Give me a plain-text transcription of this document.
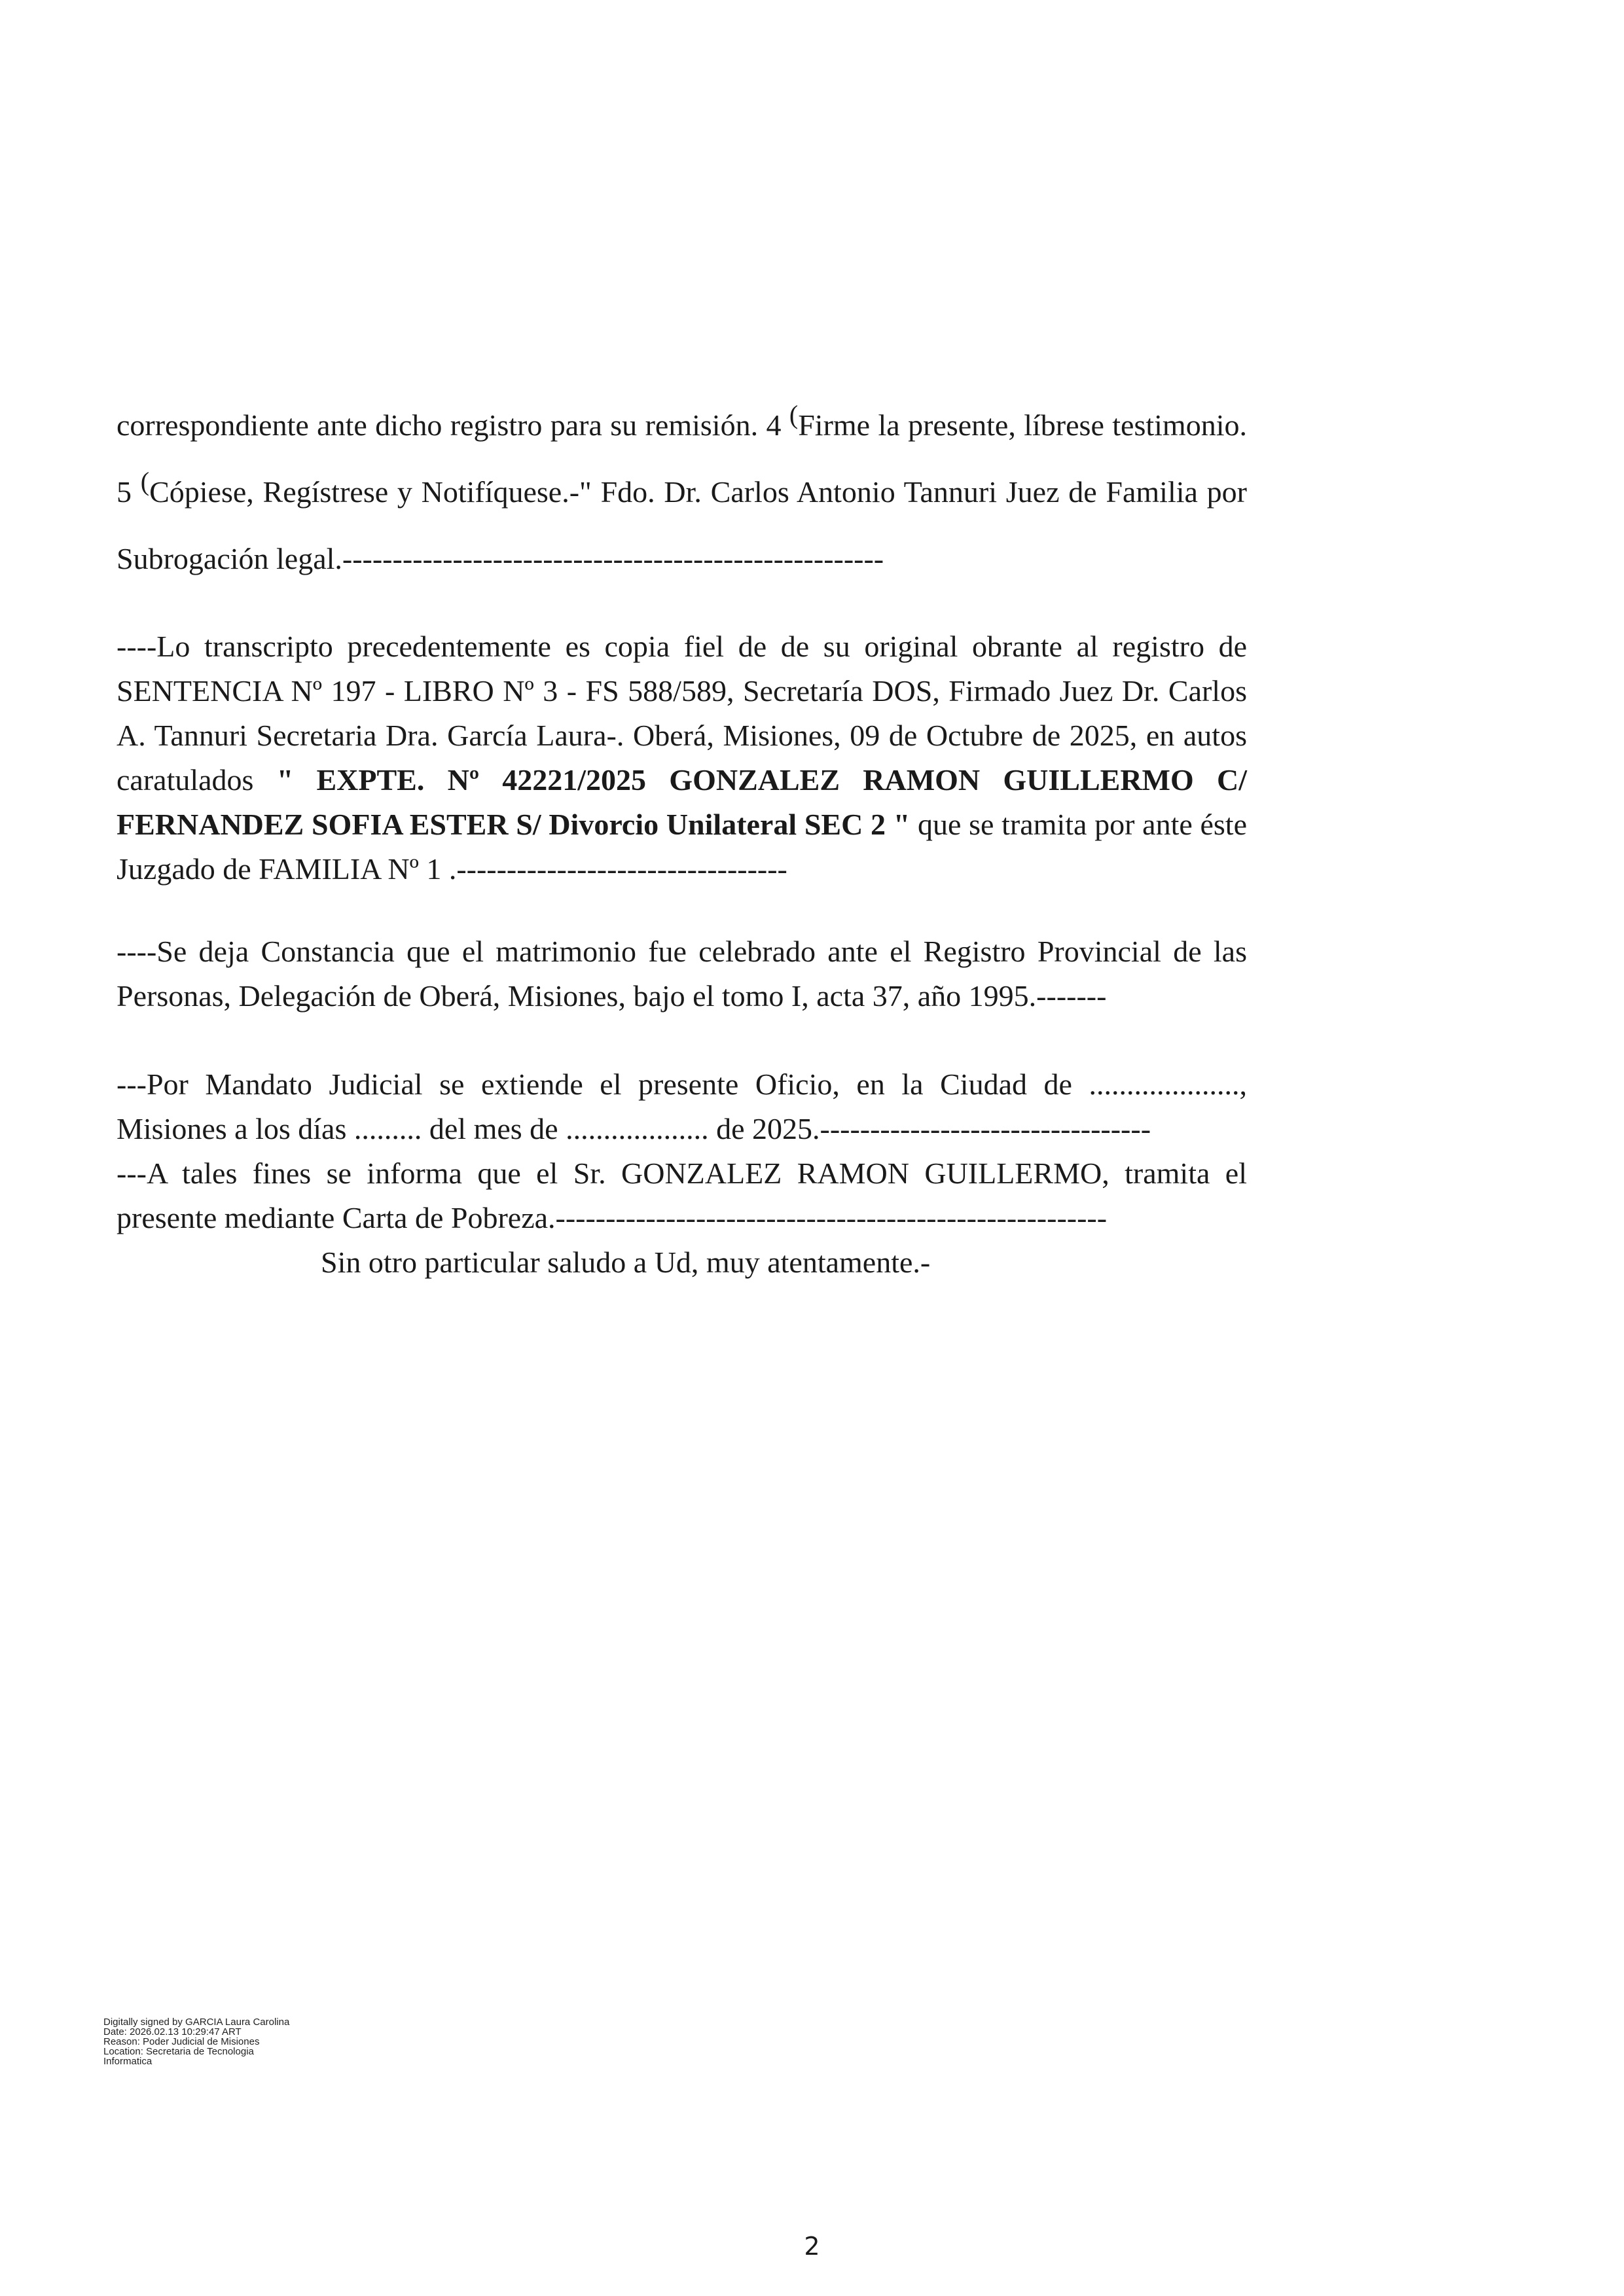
correspondiente ante dicho registro para su remisión. 4 (Firme la presente, líbrese testimonio. 5 (Cópiese, Regístrese y Notifíquese.-" Fdo. Dr. Carlos Antonio Tannuri Juez de Familia por Subrogación legal.------------------------------------------------------

----Lo transcripto precedentemente es copia fiel de de su original obrante al registro de SENTENCIA Nº 197 - LIBRO Nº 3 - FS 588/589, Secretaría DOS, Firmado Juez Dr. Carlos A. Tannuri Secretaria Dra. García Laura-. Oberá, Misiones, 09 de Octubre de 2025, en autos caratulados " EXPTE. Nº 42221/2025 GONZALEZ RAMON GUILLERMO C/ FERNANDEZ SOFIA ESTER S/ Divorcio Unilateral SEC 2 " que se tramita por ante éste Juzgado de FAMILIA Nº 1 .---------------------------------

----Se deja Constancia que el matrimonio fue celebrado ante el Registro Provincial de las Personas, Delegación de Oberá, Misiones, bajo el tomo I, acta 37, año 1995.-------

---Por Mandato Judicial se extiende el presente Oficio, en la Ciudad de ...................., Misiones a los días ......... del mes de ................... de 2025.---------------------------------
---A tales fines se informa que el Sr. GONZALEZ RAMON GUILLERMO, tramita el presente mediante Carta de Pobreza.-------------------------------------------------------

Sin otro particular saludo a Ud, muy atentamente.-

Digitally signed by GARCIA Laura Carolina
Date: 2026.02.13 10:29:47 ART
Reason: Poder Judicial de Misiones
Location: Secretaria de Tecnologia
Informatica
2
